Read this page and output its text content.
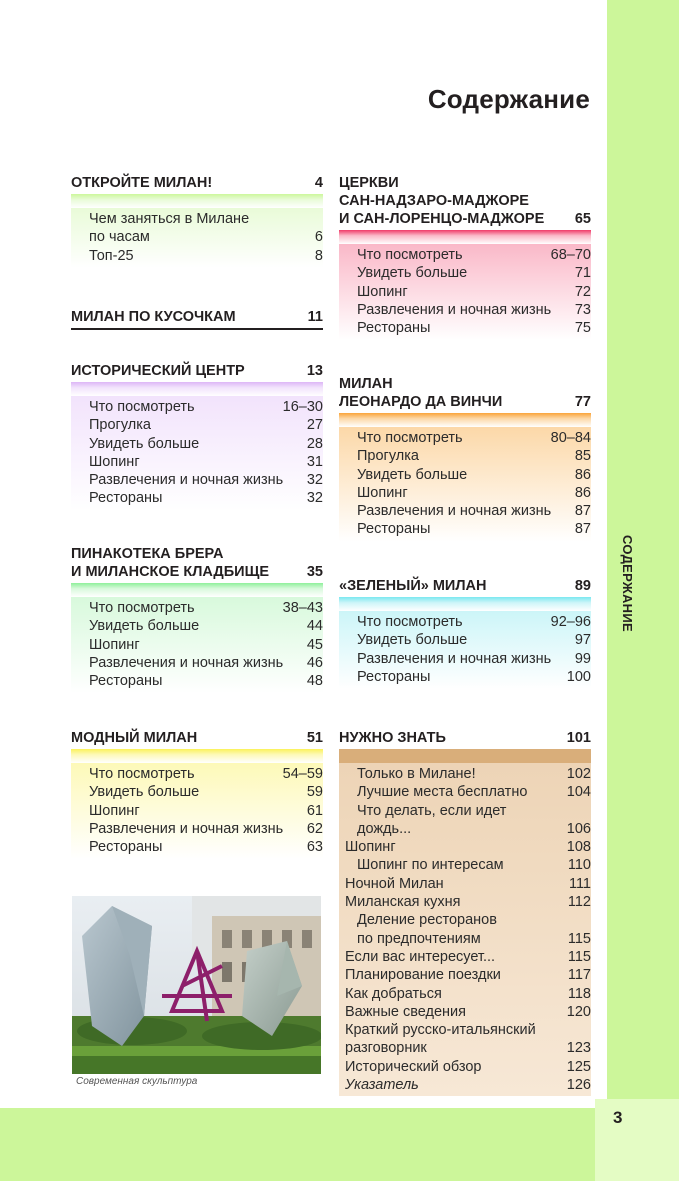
СОДЕРЖАНИЕ
3
Содержание
ОТКРОЙТЕ МИЛАН!	4
Чем заняться в Милане
по часам	6
Топ-25	8
МИЛАН ПО КУСОЧКАМ	11
ИСТОРИЧЕСКИЙ ЦЕНТР	13
Что посмотреть	16–30
Прогулка	27
Увидеть больше	28
Шопинг	31
Развлечения и ночная жизнь	32
Рестораны	32
ПИНАКОТЕКА БРЕРА
И МИЛАНСКОЕ КЛАДБИЩЕ	35
Что посмотреть	38–43
Увидеть больше	44
Шопинг	45
Развлечения и ночная жизнь	46
Рестораны	48
МОДНЫЙ МИЛАН	51
Что посмотреть	54–59
Увидеть больше	59
Шопинг	61
Развлечения и ночная жизнь	62
Рестораны	63
Современная скульптура
ЦЕРКВИ
САН-НАДЗАРО-МАДЖОРЕ
И САН-ЛОРЕНЦО-МАДЖОРЕ	65
Что посмотреть	68–70
Увидеть больше	71
Шопинг	72
Развлечения и ночная жизнь	73
Рестораны	75
МИЛАН
ЛЕОНАРДО ДА ВИНЧИ	77
Что посмотреть	80–84
Прогулка	85
Увидеть больше	86
Шопинг	86
Развлечения и ночная жизнь	87
Рестораны	87
«ЗЕЛЕНЫЙ» МИЛАН	89
Что посмотреть	92–96
Увидеть больше	97
Развлечения и ночная жизнь	99
Рестораны	100
НУЖНО ЗНАТЬ	101
Только в Милане!	102
Лучшие места бесплатно	104
Что делать, если идет
дождь...	106
Шопинг	108
Шопинг по интересам	110
Ночной Милан	111
Миланская кухня	112
Деление ресторанов
по предпочтениям	115
Если вас интересует...	115
Планирование поездки	117
Как добраться	118
Важные сведения	120
Краткий русско-итальянский
разговорник	123
Исторический обзор	125
Указатель	126
